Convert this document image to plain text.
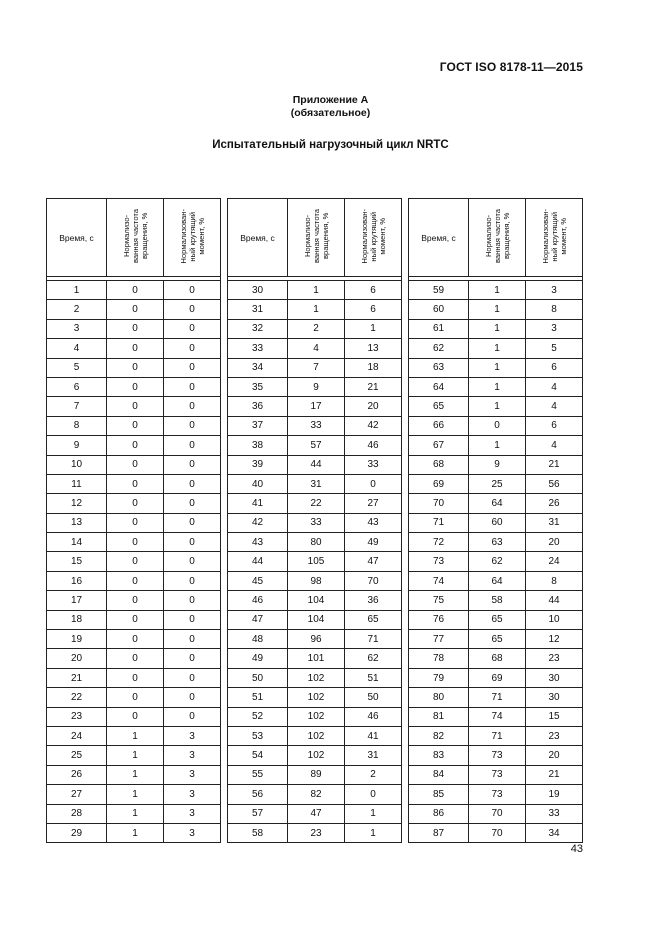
ГОСТ ISO 8178-11—2015
Приложение А
(обязательное)
Испытательный нагрузочный цикл NRTC
Время, с	Нормализо-
ванная частота
вращения, %	Нормализован-
ный крутящий
момент, %

1	0	0
2	0	0
3	0	0
4	0	0
5	0	0
6	0	0
7	0	0
8	0	0
9	0	0
10	0	0
11	0	0
12	0	0
13	0	0
14	0	0
15	0	0
16	0	0
17	0	0
18	0	0
19	0	0
20	0	0
21	0	0
22	0	0
23	0	0
24	1	3
25	1	3
26	1	3
27	1	3
28	1	3
29	1	3
Время, с	Нормализо-
ванная частота
вращения, %	Нормализован-
ный крутящий
момент, %

30	1	6
31	1	6
32	2	1
33	4	13
34	7	18
35	9	21
36	17	20
37	33	42
38	57	46
39	44	33
40	31	0
41	22	27
42	33	43
43	80	49
44	105	47
45	98	70
46	104	36
47	104	65
48	96	71
49	101	62
50	102	51
51	102	50
52	102	46
53	102	41
54	102	31
55	89	2
56	82	0
57	47	1
58	23	1
Время, с	Нормализо-
ванная частота
вращения, %	Нормализован-
ный крутящий
момент, %

59	1	3
60	1	8
61	1	3
62	1	5
63	1	6
64	1	4
65	1	4
66	0	6
67	1	4
68	9	21
69	25	56
70	64	26
71	60	31
72	63	20
73	62	24
74	64	8
75	58	44
76	65	10
77	65	12
78	68	23
79	69	30
80	71	30
81	74	15
82	71	23
83	73	20
84	73	21
85	73	19
86	70	33
87	70	34
43
